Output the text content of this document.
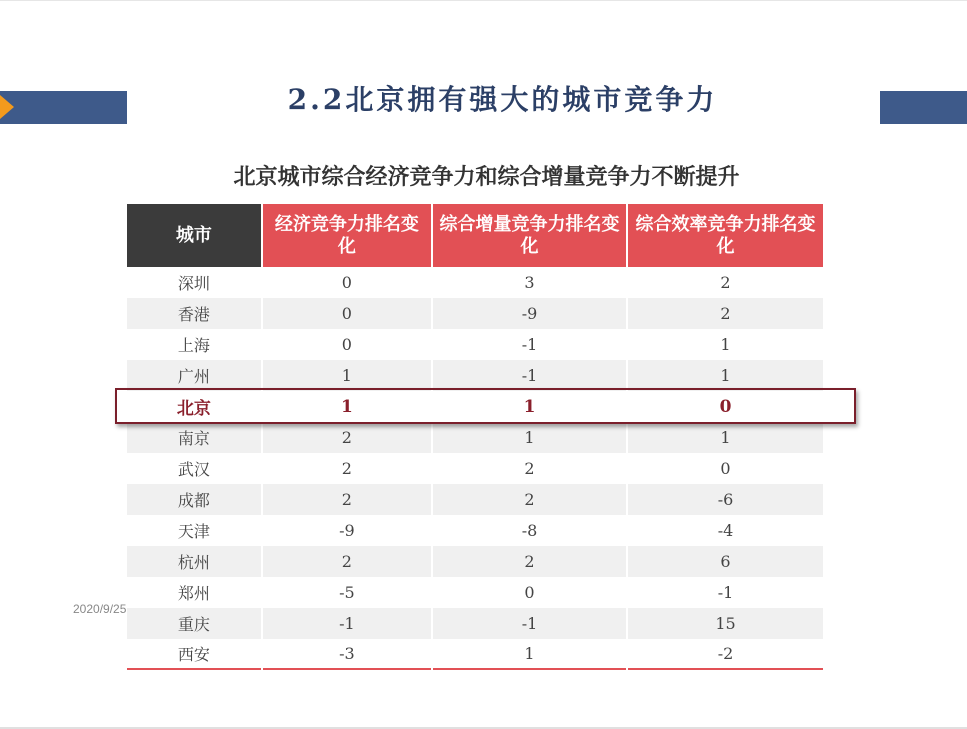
2.2北京拥有强大的城市竞争力
北京城市综合经济竞争力和综合增量竞争力不断提升
2020/9/25
城市	经济竞争力排名变化	综合增量竞争力排名变化	综合效率竞争力排名变化
深圳	0	3	2
香港	0	-9	2
上海	0	-1	1
广州	1	-1	1
北京	1	1	0
南京	2	1	1
武汉	2	2	0
成都	2	2	-6
天津	-9	-8	-4
杭州	2	2	6
郑州	-5	0	-1
重庆	-1	-1	15
西安	-3	1	-2
